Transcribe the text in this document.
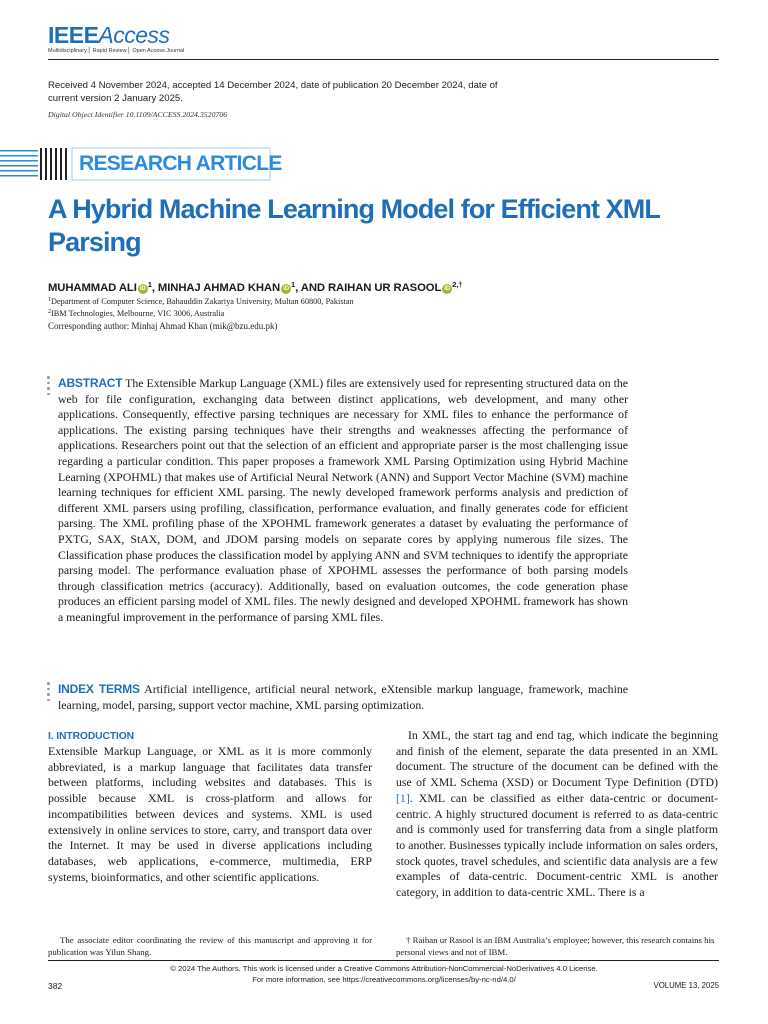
IEEEAccess
Multidisciplinary ⎜ Rapid Review ⎜ Open Access Journal
Received 4 November 2024, accepted 14 December 2024, date of publication 20 December 2024, date of current version 2 January 2025.
Digital Object Identifier 10.1109/ACCESS.2024.3520706
RESEARCH ARTICLE
A Hybrid Machine Learning Model for Efficient XML Parsing
MUHAMMAD ALI iD $^1$, MINHAJ AHMAD KHAN iD $^1$, AND RAIHAN UR RASOOL iD $^{2,\dagger}$
$^1$Department of Computer Science, Bahauddin Zakariya University, Multan 60800, Pakistan
$^2$IBM Technologies, Melbourne, VIC 3006, Australia
Corresponding author: Minhaj Ahmad Khan (mik@bzu.edu.pk)
ABSTRACT The Extensible Markup Language (XML) files are extensively used for representing structured data on the web for file configuration, exchanging data between distinct applications, web development, and many other applications. Consequently, effective parsing techniques are necessary for XML files to enhance the performance of applications. The existing parsing techniques have their strengths and weaknesses affecting the performance of applications. Researchers point out that the selection of an efficient and appropriate parser is the most challenging issue regarding a particular condition. This paper proposes a framework XML Parsing Optimization using Hybrid Machine Learning (XPOHML) that makes use of Artificial Neural Network (ANN) and Support Vector Machine (SVM) machine learning techniques for efficient XML parsing. The newly developed framework performs analysis and prediction of different XML parsers using profiling, classification, performance evaluation, and finally generates code for efficient parsing. The XML profiling phase of the XPOHML framework generates a dataset by evaluating the performance of PXTG, SAX, StAX, DOM, and JDOM parsing models on separate cores by applying numerous file sizes. The Classification phase produces the classification model by applying ANN and SVM techniques to identify the appropriate parsing model. The performance evaluation phase of XPOHML assesses the performance of both parsing models through classification metrics (accuracy). Additionally, based on evaluation outcomes, the code generation phase produces an efficient parsing model of XML files. The newly designed and developed XPOHML framework has shown a meaningful improvement in the performance of parsing XML files.
INDEX TERMS Artificial intelligence, artificial neural network, eXtensible markup language, framework, machine learning, model, parsing, support vector machine, XML parsing optimization.
I. INTRODUCTION
Extensible Markup Language, or XML as it is more commonly abbreviated, is a markup language that facilitates data transfer between platforms, including websites and databases. This is possible because XML is cross-platform and allows for incompatibilities between devices and systems. XML is used extensively in online services to store, carry, and transport data over the Internet. It may be used in diverse applications including databases, web applications, e-commerce, multimedia, ERP systems, bioinformatics, and other scientific applications.
In XML, the start tag and end tag, which indicate the beginning and finish of the element, separate the data presented in an XML document. The structure of the document can be defined with the use of XML Schema (XSD) or Document Type Definition (DTD) [1]. XML can be classified as either data-centric or document-centric. A highly structured document is referred to as data-centric and is commonly used for transferring data from a single platform to another. Businesses typically include information on sales orders, stock quotes, travel schedules, and scientific data analysis are a few examples of data-centric. Document-centric XML is another category, in addition to data-centric XML. There is a
The associate editor coordinating the review of this manuscript and approving it for publication was Yilun Shang.
† Raihan ur Rasool is an IBM Australia’s employee; however, this research contains his personal views and not of IBM.
© 2024 The Authors. This work is licensed under a Creative Commons Attribution-NonCommercial-NoDerivatives 4.0 License.
For more information, see https://creativecommons.org/licenses/by-nc-nd/4.0/
382	VOLUME 13, 2025
